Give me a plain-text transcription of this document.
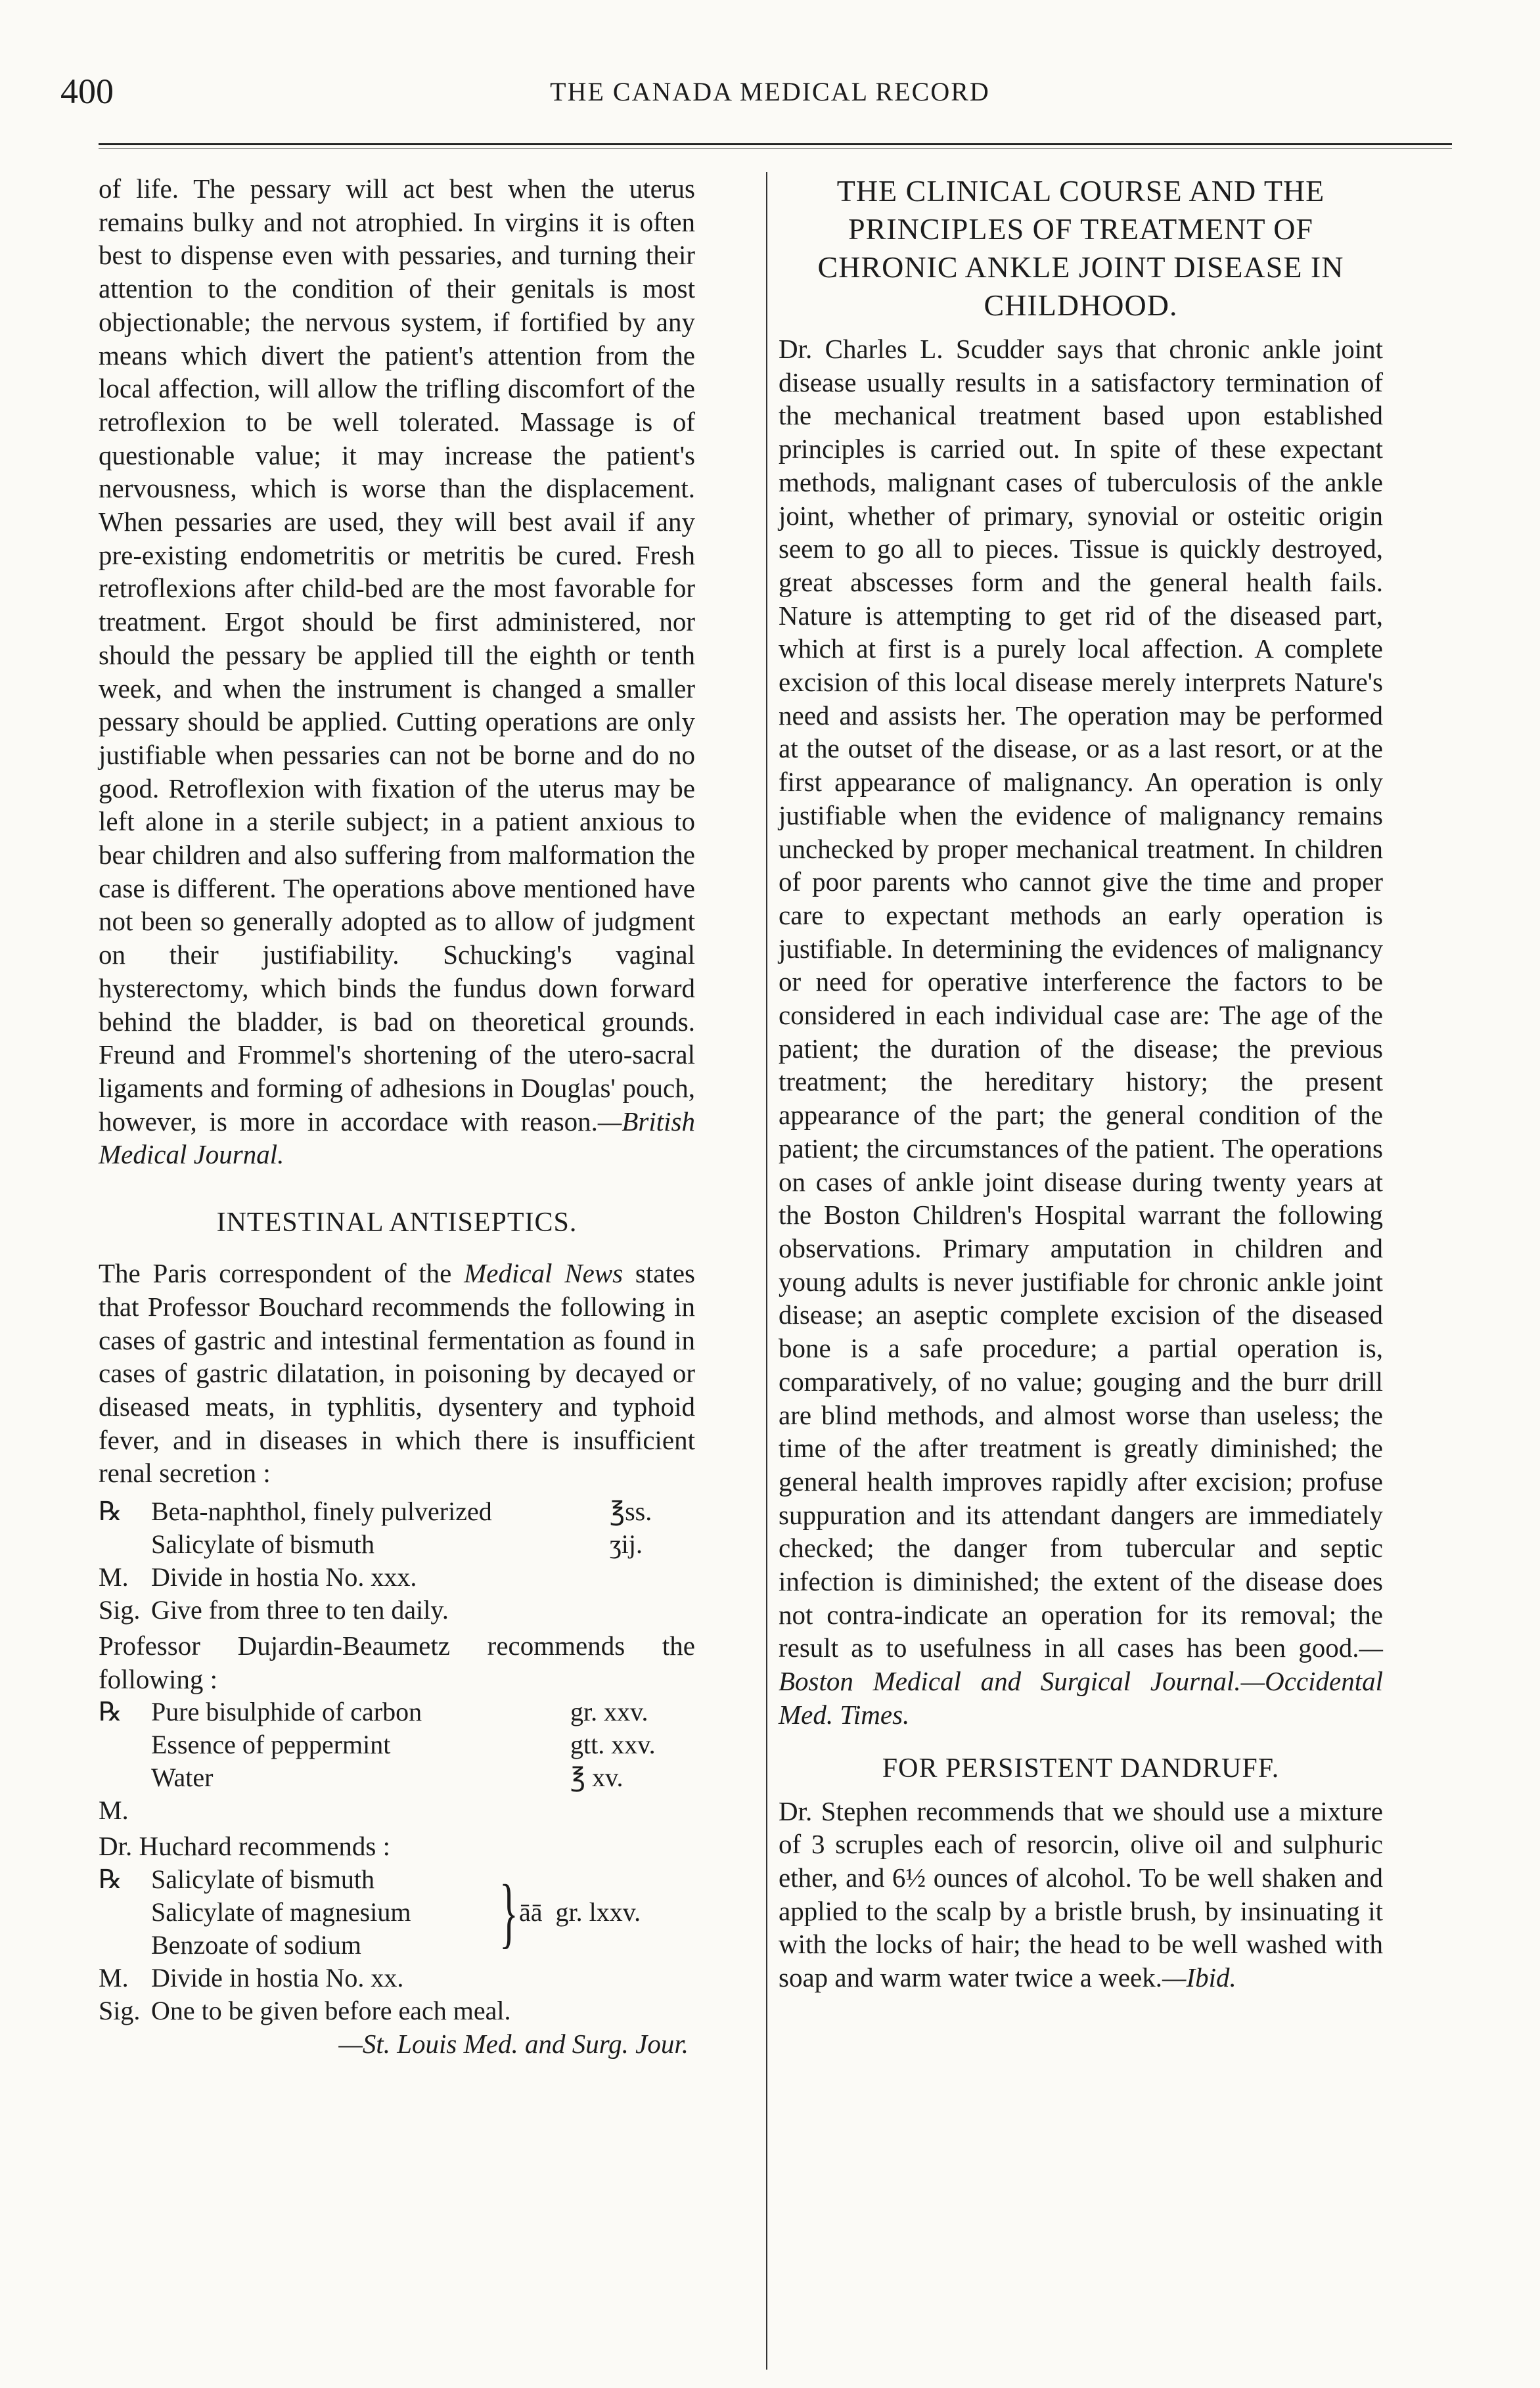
400	THE CANADA MEDICAL RECORD

of life. The pessary will act best when the uterus remains bulky and not atrophied. In virgins it is often best to dispense even with pessaries, and turning their attention to the condition of their genitals is most objectionable; the nervous system, if fortified by any means which divert the patient's attention from the local affection, will allow the trifling discomfort of the retroflexion to be well tolerated. Massage is of questionable value; it may increase the patient's nervousness, which is worse than the displacement. When pessaries are used, they will best avail if any pre-existing endometritis or metritis be cured. Fresh retroflexions after child-bed are the most favorable for treatment. Ergot should be first administered, nor should the pessary be applied till the eighth or tenth week, and when the instrument is changed a smaller pessary should be applied. Cutting operations are only justifiable when pessaries can not be borne and do no good. Retroflexion with fixation of the uterus may be left alone in a sterile subject; in a patient anxious to bear children and also suffering from malformation the case is different. The operations above mentioned have not been so generally adopted as to allow of judgment on their justifiability. Schucking's vaginal hysterectomy, which binds the fundus down forward behind the bladder, is bad on theoretical grounds. Freund and Frommel's shortening of the utero-sacral ligaments and forming of adhesions in Douglas' pouch, however, is more in accordace with reason.—British Medical Journal.

INTESTINAL ANTISEPTICS.

The Paris correspondent of the Medical News states that Professor Bouchard recommends the following in cases of gastric and intestinal fermentation as found in cases of gastric dilatation, in poisoning by decayed or diseased meats, in typhlitis, dysentery and typhoid fever, and in diseases in which there is insufficient renal secretion :

℞	Beta-naphthol, finely pulverized	℥ss.
Salicylate of bismuth	ʒij.
M. Divide in hostia No. xxx.
Sig. Give from three to ten daily.

Professor Dujardin-Beaumetz recommends the following :

℞	Pure bisulphide of carbon	gr. xxv.
Essence of peppermint	gtt. xxv.
Water	℥ xv.
M.

Dr. Huchard recommends :

℞	Salicylate of bismuth
Salicylate of magnesium
Benzoate of sodium	} āā  gr. lxxv.
M. Divide in hostia No. xx.
Sig. One to be given before each meal.
—St. Louis Med. and Surg. Jour.
THE CLINICAL COURSE AND THE PRINCIPLES OF TREATMENT OF CHRONIC ANKLE JOINT DISEASE IN CHILDHOOD.

Dr. Charles L. Scudder says that chronic ankle joint disease usually results in a satisfactory termination of the mechanical treatment based upon established principles is carried out. In spite of these expectant methods, malignant cases of tuberculosis of the ankle joint, whether of primary, synovial or osteitic origin seem to go all to pieces. Tissue is quickly destroyed, great abscesses form and the general health fails. Nature is attempting to get rid of the diseased part, which at first is a purely local affection. A complete excision of this local disease merely interprets Nature's need and assists her. The operation may be performed at the outset of the disease, or as a last resort, or at the first appearance of malignancy. An operation is only justifiable when the evidence of malignancy remains unchecked by proper mechanical treatment. In children of poor parents who cannot give the time and proper care to expectant methods an early operation is justifiable. In determining the evidences of malignancy or need for operative interference the factors to be considered in each individual case are: The age of the patient; the duration of the disease; the previous treatment; the hereditary history; the present appearance of the part; the general condition of the patient; the circumstances of the patient. The operations on cases of ankle joint disease during twenty years at the Boston Children's Hospital warrant the following observations. Primary amputation in children and young adults is never justifiable for chronic ankle joint disease; an aseptic complete excision of the diseased bone is a safe procedure; a partial operation is, comparatively, of no value; gouging and the burr drill are blind methods, and almost worse than useless; the time of the after treatment is greatly diminished; the general health improves rapidly after excision; profuse suppuration and its attendant dangers are immediately checked; the danger from tubercular and septic infection is diminished; the extent of the disease does not contra-indicate an operation for its removal; the result as to usefulness in all cases has been good.—Boston Medical and Surgical Journal.—Occidental Med. Times.

FOR PERSISTENT DANDRUFF.

Dr. Stephen recommends that we should use a mixture of 3 scruples each of resorcin, olive oil and sulphuric ether, and 6½ ounces of alcohol. To be well shaken and applied to the scalp by a bristle brush, by insinuating it with the locks of hair; the head to be well washed with soap and warm water twice a week.—Ibid.
